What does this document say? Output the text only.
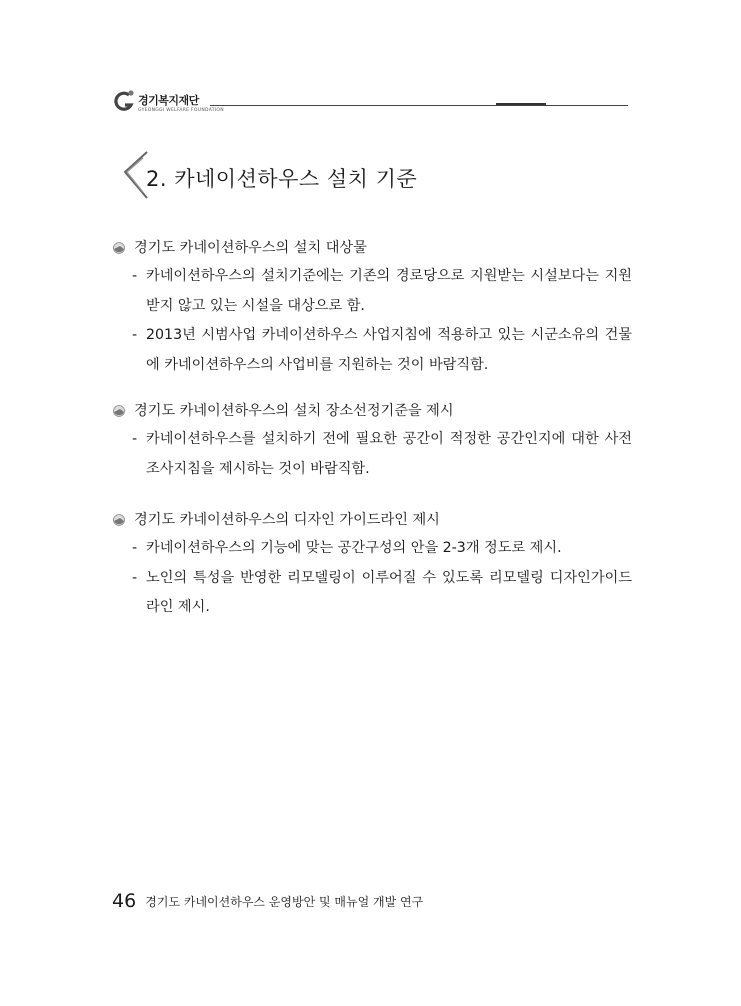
경기복지재단
GYEONGGI WELFARE FOUNDATION
2. 카네이션하우스 설치 기준
경기도 카네이션하우스의 설치 대상물
- 카네이션하우스의 설치기준에는 기존의 경로당으로 지원받는 시설보다는 지원받지 않고 있는 시설을 대상으로 함.
- 2013년 시범사업 카네이션하우스 사업지침에 적용하고 있는 시군소유의 건물에 카네이션하우스의 사업비를 지원하는 것이 바람직함.
경기도 카네이션하우스의 설치 장소선정기준을 제시
- 카네이션하우스를 설치하기 전에 필요한 공간이 적정한 공간인지에 대한 사전 조사지침을 제시하는 것이 바람직함.
경기도 카네이션하우스의 디자인 가이드라인 제시
- 카네이션하우스의 기능에 맞는 공간구성의 안을 2-3개 정도로 제시.
- 노인의 특성을 반영한 리모델링이 이루어질 수 있도록 리모델링 디자인가이드라인 제시.
46 경기도 카네이션하우스 운영방안 및 매뉴얼 개발 연구
